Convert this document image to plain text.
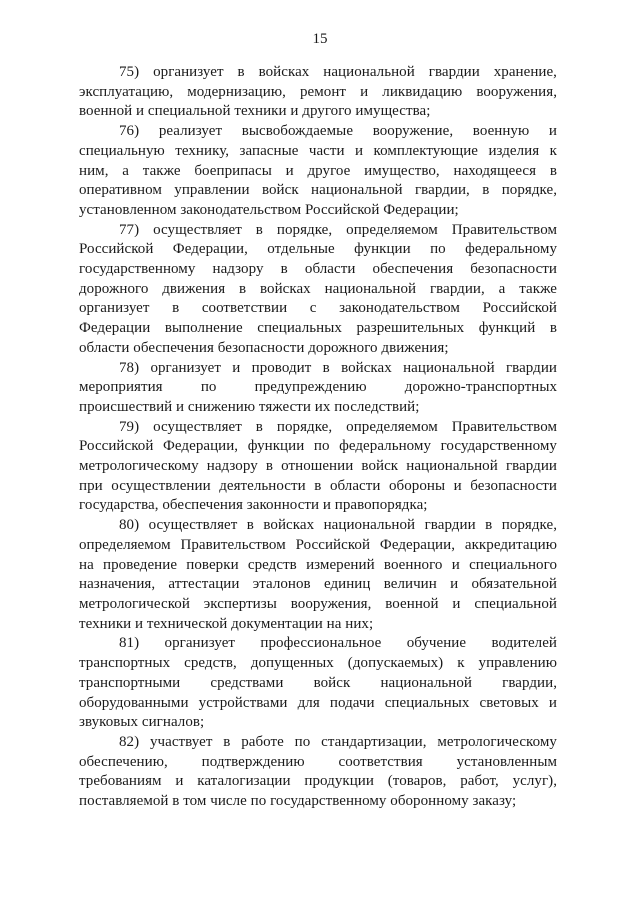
15

75) организует в войсках национальной гвардии хранение,
эксплуатацию, модернизацию, ремонт и ликвидацию вооружения,
военной и специальной техники и другого имущества;

76) реализует высвобождаемые вооружение, военную и
специальную технику, запасные части и комплектующие изделия к
ним, а также боеприпасы и другое имущество, находящееся в
оперативном управлении войск национальной гвардии, в порядке,
установленном законодательством Российской Федерации;

77) осуществляет в порядке, определяемом Правительством
Российской Федерации, отдельные функции по федеральному
государственному надзору в области обеспечения безопасности
дорожного движения в войсках национальной гвардии, а также
организует в соответствии с законодательством Российской
Федерации выполнение специальных разрешительных функций в
области обеспечения безопасности дорожного движения;

78) организует и проводит в войсках национальной гвардии
мероприятия по предупреждению дорожно-транспортных
происшествий и снижению тяжести их последствий;

79) осуществляет в порядке, определяемом Правительством
Российской Федерации, функции по федеральному государственному
метрологическому надзору в отношении войск национальной гвардии
при осуществлении деятельности в области обороны и безопасности
государства, обеспечения законности и правопорядка;

80) осуществляет в войсках национальной гвардии в порядке,
определяемом Правительством Российской Федерации, аккредитацию
на проведение поверки средств измерений военного и специального
назначения, аттестации эталонов единиц величин и обязательной
метрологической экспертизы вооружения, военной и специальной
техники и технической документации на них;

81) организует профессиональное обучение водителей
транспортных средств, допущенных (допускаемых) к управлению
транспортными средствами войск национальной гвардии,
оборудованными устройствами для подачи специальных световых и
звуковых сигналов;

82) участвует в работе по стандартизации, метрологическому
обеспечению, подтверждению соответствия установленным
требованиям и каталогизации продукции (товаров, работ, услуг),
поставляемой в том числе по государственному оборонному заказу;
